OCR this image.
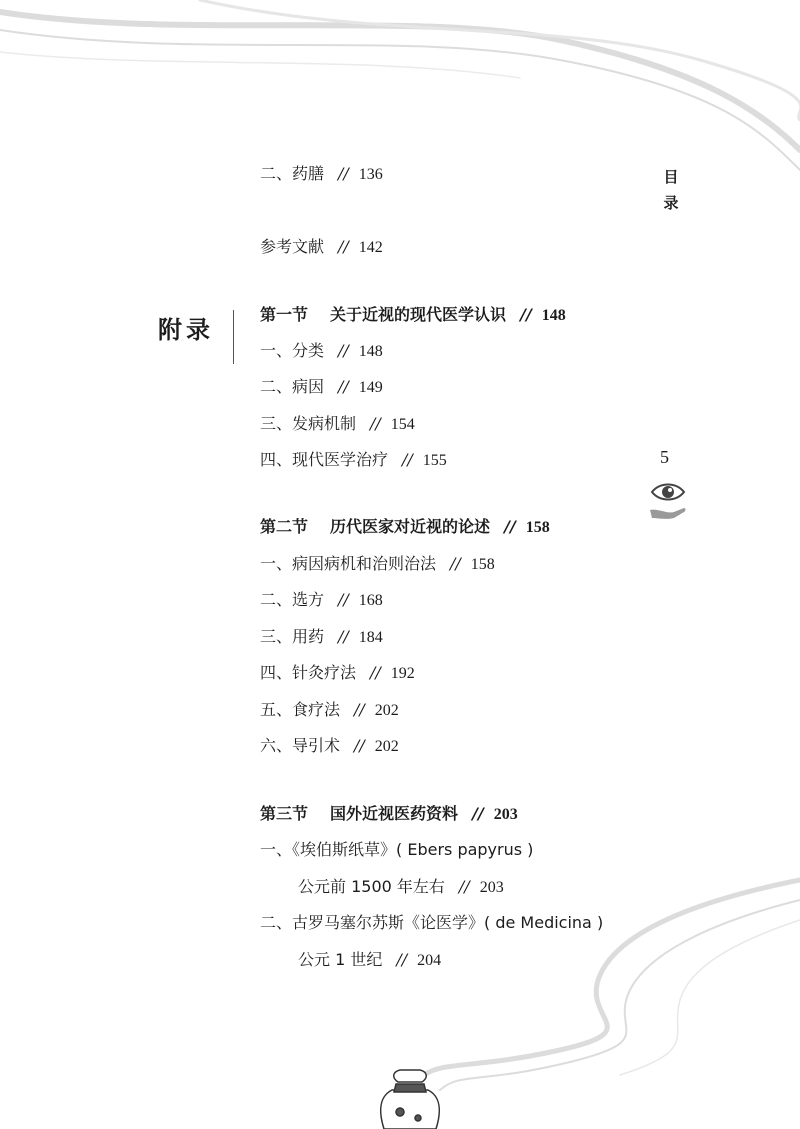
目
录
二、药膳 // 136
参考文献 // 142
附录
第一节 关于近视的现代医学认识 // 148
一、分类 // 148
二、病因 // 149
三、发病机制 // 154
四、现代医学治疗 // 155	5
第二节 历代医家对近视的论述 // 158
一、病因病机和治则治法 // 158
二、选方 // 168
三、用药 // 184
四、针灸疗法 // 192
五、食疗法 // 202
六、导引术 // 202
第三节 国外近视医药资料 // 203
一、《埃伯斯纸草》( Ebers papyrus )
公元前 1500 年左右 // 203
二、古罗马塞尔苏斯《论医学》( de Medicina )
公元 1 世纪 // 204
